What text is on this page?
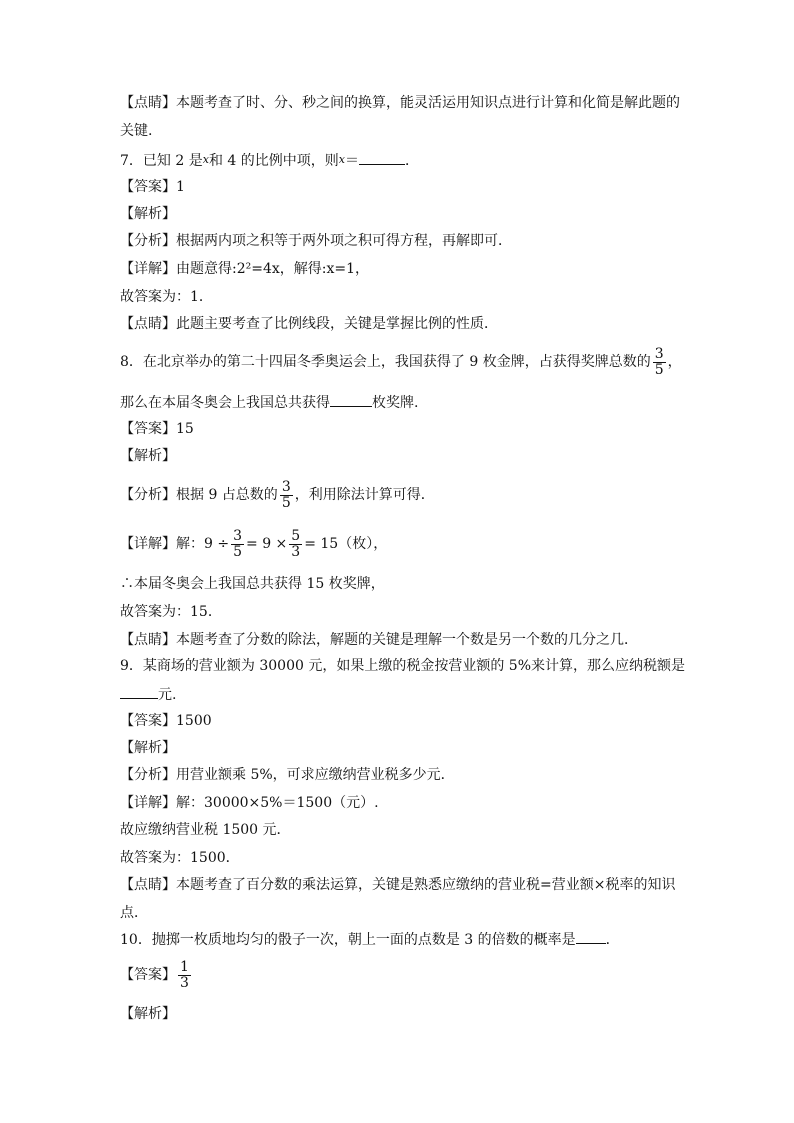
【点睛】本题考查了时、分、秒之间的换算，能灵活运用知识点进行计算和化简是解此题的
关键.
7．已知 2 是$^x$和 4 的比例中项，则$^x$＝	．
【答案】1
【解析】
【分析】根据两内项之积等于两外项之积可得方程，再解即可．
【详解】由题意得:2²=4x，解得:x=1，
故答案为：1．
【点睛】此题主要考查了比例线段，关键是掌握比例的性质．
8．在北京举办的第二十四届冬季奥运会上，我国获得了 9 枚金牌，占获得奖牌总数的 $\frac{3}{5}$ ，
那么在本届冬奥会上我国总共获得	枚奖牌.
【答案】15
【解析】
【分析】根据 9 占总数的 $\frac{3}{5}$ ，利用除法计算可得．
【详解】解：$9 \div \frac{3}{5} = 9 \times \frac{5}{3} = 15$（枚），
∴本届冬奥会上我国总共获得 15 枚奖牌，
故答案为：15．
【点睛】本题考查了分数的除法，解题的关键是理解一个数是另一个数的几分之几．
9．某商场的营业额为 30000 元，如果上缴的税金按营业额的 5%来计算，那么应纳税额是
元.
【答案】1500
【解析】
【分析】用营业额乘 5%，可求应缴纳营业税多少元．
【详解】解：30000×5%＝1500（元）.
故应缴纳营业税 1500 元．
故答案为：1500．
【点睛】本题考查了百分数的乘法运算，关键是熟悉应缴纳的营业税=营业额×税率的知识
点．
10．抛掷一枚质地均匀的骰子一次，朝上一面的点数是 3 的倍数的概率是 ．
【答案】 $\frac{1}{3}$
【解析】
